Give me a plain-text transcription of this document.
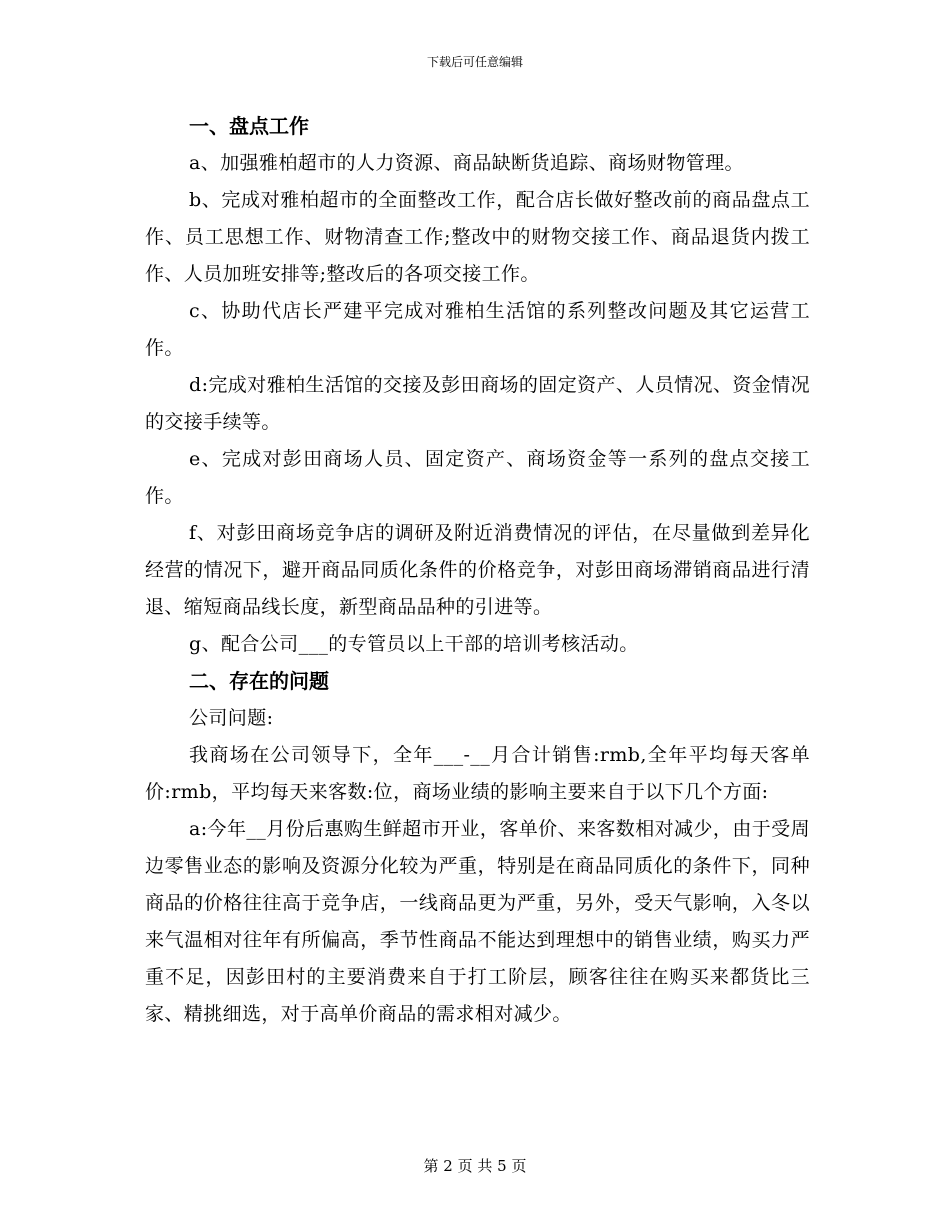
下载后可任意编辑
一、盘点工作

a、加强雅柏超市的人力资源、商品缺断货追踪、商场财物管理。

b、完成对雅柏超市的全面整改工作，配合店长做好整改前的商品盘点工作、员工思想工作、财物清查工作;整改中的财物交接工作、商品退货内拨工作、人员加班安排等;整改后的各项交接工作。

c、协助代店长严建平完成对雅柏生活馆的系列整改问题及其它运营工作。

d:完成对雅柏生活馆的交接及彭田商场的固定资产、人员情况、资金情况的交接手续等。

e、完成对彭田商场人员、固定资产、商场资金等一系列的盘点交接工作。

f、对彭田商场竞争店的调研及附近消费情况的评估，在尽量做到差异化经营的情况下，避开商品同质化条件的价格竞争，对彭田商场滞销商品进行清退、缩短商品线长度，新型商品品种的引进等。

g、配合公司___的专管员以上干部的培训考核活动。

二、存在的问题

公司问题:

我商场在公司领导下，全年___-__月合计销售:rmb,全年平均每天客单价:rmb，平均每天来客数:位，商场业绩的影响主要来自于以下几个方面:

a:今年__月份后惠购生鲜超市开业，客单价、来客数相对减少，由于受周边零售业态的影响及资源分化较为严重，特别是在商品同质化的条件下，同种商品的价格往往高于竞争店，一线商品更为严重，另外，受天气影响，入冬以来气温相对往年有所偏高，季节性商品不能达到理想中的销售业绩，购买力严重不足，因彭田村的主要消费来自于打工阶层，顾客往往在购买来都货比三家、精挑细选，对于高单价商品的需求相对减少。

第 2 页 共 5 页
